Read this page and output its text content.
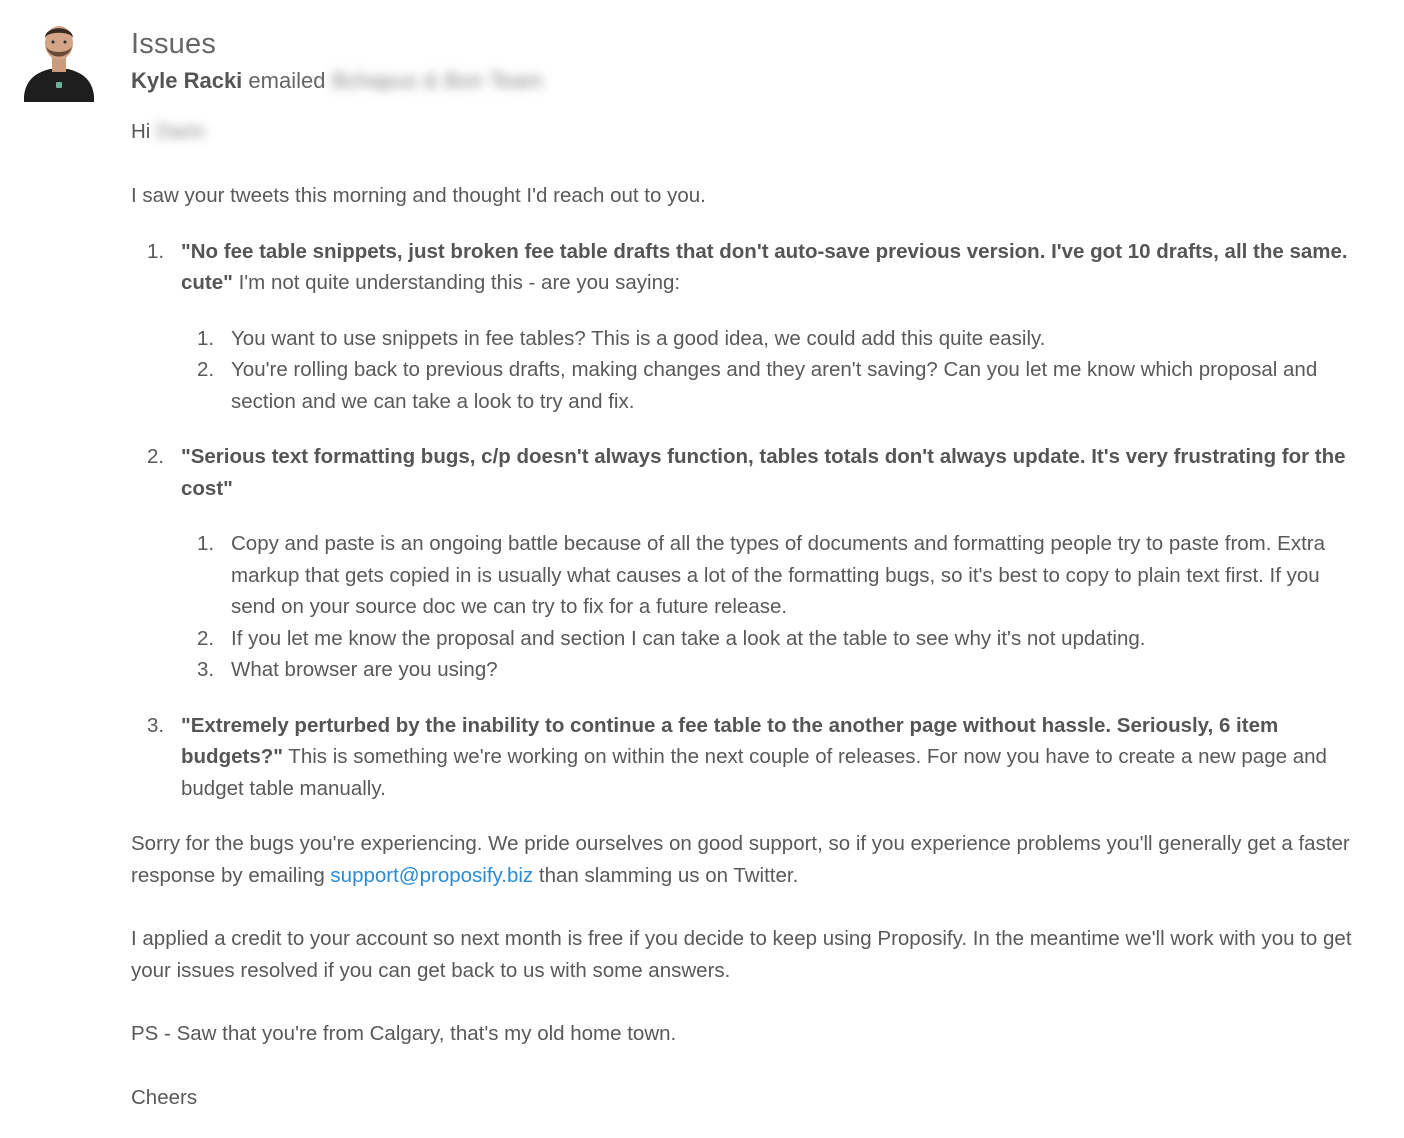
Issues
Kyle Racki emailed Bchapus & Bon Team

Hi Darin

I saw your tweets this morning and thought I'd reach out to you.

1. "No fee table snippets, just broken fee table drafts that don't auto-save previous version. I've got 10 drafts, all the same. cute" I'm not quite understanding this - are you saying:
1. You want to use snippets in fee tables? This is a good idea, we could add this quite easily.
2. You're rolling back to previous drafts, making changes and they aren't saving? Can you let me know which proposal and section and we can take a look to try and fix.
2. "Serious text formatting bugs, c/p doesn't always function, tables totals don't always update. It's very frustrating for the cost"
1. Copy and paste is an ongoing battle because of all the types of documents and formatting people try to paste from. Extra markup that gets copied in is usually what causes a lot of the formatting bugs, so it's best to copy to plain text first. If you send on your source doc we can try to fix for a future release.
2. If you let me know the proposal and section I can take a look at the table to see why it's not updating.
3. What browser are you using?
3. "Extremely perturbed by the inability to continue a fee table to the another page without hassle. Seriously, 6 item budgets?" This is something we're working on within the next couple of releases. For now you have to create a new page and budget table manually.

Sorry for the bugs you're experiencing. We pride ourselves on good support, so if you experience problems you'll generally get a faster response by emailing support@proposify.biz than slamming us on Twitter.

I applied a credit to your account so next month is free if you decide to keep using Proposify. In the meantime we'll work with you to get your issues resolved if you can get back to us with some answers.

PS - Saw that you're from Calgary, that's my old home town.

Cheers
